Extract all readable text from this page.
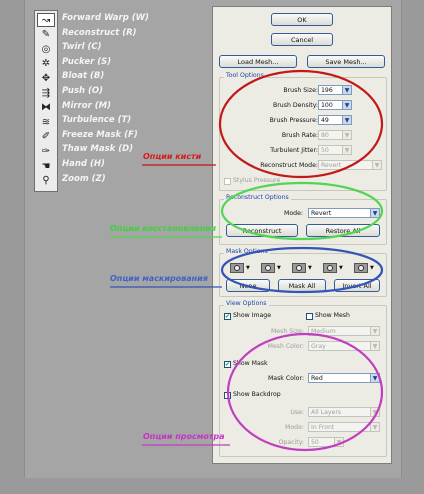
↝
✎
◎
✲
✥
⇶
⧓
≋
✐
✑
☚
⚲
Forward Warp (W)
Reconstruct (R)
Twirl (C)
Pucker (S)
Bloat (B)
Push (O)
Mirror (M)
Turbulence (T)
Freeze Mask (F)
Thaw Mask (D)
Hand (H)
Zoom (Z)
OK
Cancel
Load Mesh...	Save Mesh...
Tool Options
Brush Size: 196	▼
Brush Density: 100	▼
Brush Pressure: 49	▼
Brush Rate: 80	▼
Turbulent Jitter: 50	▼
Reconstruct Mode: Revert	▼
Stylus Pressure
Reconstruct Options
Mode: Revert	▼
Reconstruct	Restore All
Mask Options
▼	▼	▼	▼	▼
None	Mask All	Invert All
View Options
✔ Show Image	Show Mesh
Mesh Size: Medium	▼
Mesh Color: Gray	▼
✔ Show Mask
Mask Color: Red	▼
Show Backdrop
Use: All Layers	▼
Mode: In Front	▼
Opacity: 50	▼
Опции кисти
Опции восстановления
Опции маскирования
Опции просмотра
